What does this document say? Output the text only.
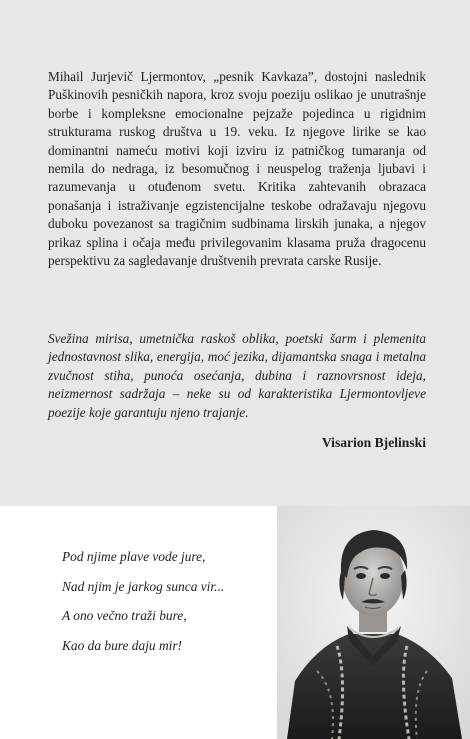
Mihail Jurjevič Ljermontov, „pesnik Kavkaza”, dostojni naslednik Puškinovih pesničkih napora, kroz svoju poeziju oslikao je unutrašnje borbe i kompleksne emocionalne pejzaže pojedinca u rigidnim strukturama ruskog društva u 19. veku. Iz njegove lirike se kao dominantni nameću motivi koji izviru iz patničkog tumaranja od nemila do nedraga, iz besomučnog i neuspelog traženja ljubavi i razumevanja u otuđenom svetu. Kritika zahtevanih obrazaca ponašanja i istraživanje egzistencijalne teskobe odražavaju njegovu duboku povezanost sa tragičnim sudbinama lirskih junaka, a njegov prikaz splina i očaja među privilegovanim klasama pruža dragocenu perspektivu za sagledavanje društvenih prevrata carske Rusije.

Svežina mirisa, umetnička raskoš oblika, poetski šarm i plemenita jednostavnost slika, energija, moć jezika, dijamantska snaga i metalna zvučnost stiha, punoća osećanja, dubina i raznovrsnost ideja, neizmernost sadržaja – neke su od karakteristika Ljermontovljeve poezije koje garantuju njeno trajanje.

Visarion Bjelinski

Pod njime plave vode jure,
Nad njim je jarkog sunca vir...
A ono večno traži bure,
Kao da bure daju mir!
